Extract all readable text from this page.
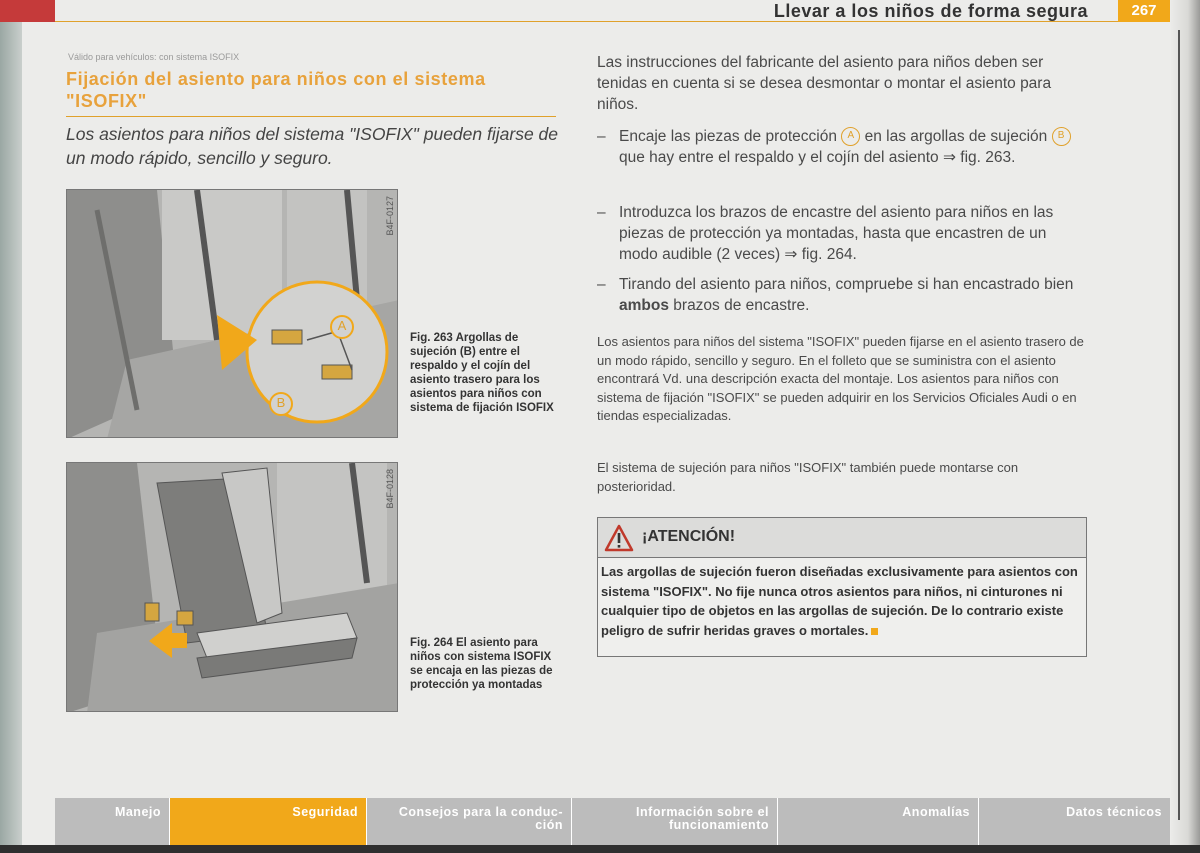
Llevar a los niños de forma segura	267
Válido para vehículos: con sistema ISOFIX
Fijación del asiento para niños con el sistema "ISOFIX"
Los asientos para niños del sistema "ISOFIX" pueden fijarse de un modo rápido, sencillo y seguro.
A
B
B4F-0127
Fig. 263 Argollas de sujeción (B) entre el respaldo y el cojín del asiento trasero para los asientos para niños con sistema de fijación ISOFIX
B4F-0128
Fig. 264 El asiento para niños con sistema ISOFIX se encaja en las piezas de protección ya montadas
Las instrucciones del fabricante del asiento para niños deben ser tenidas en cuenta si se desea desmontar o montar el asiento para niños.
– Encaje las piezas de protección A en las argollas de sujeción B que hay entre el respaldo y el cojín del asiento ⇒ fig. 263.
– Introduzca los brazos de encastre del asiento para niños en las piezas de protección ya montadas, hasta que encastren de un modo audible (2 veces) ⇒ fig. 264.
– Tirando del asiento para niños, compruebe si han encastrado bien ambos brazos de encastre.
Los asientos para niños del sistema "ISOFIX" pueden fijarse en el asiento trasero de un modo rápido, sencillo y seguro. En el folleto que se suministra con el asiento encontrará Vd. una descripción exacta del montaje. Los asientos para niños con sistema de fijación "ISOFIX" se pueden adquirir en los Servicios Oficiales Audi o en tiendas especializadas.
El sistema de sujeción para niños "ISOFIX" también puede montarse con posterioridad.
¡ATENCIÓN!
Las argollas de sujeción fueron diseñadas exclusivamente para asientos con sistema "ISOFIX". No fije nunca otros asientos para niños, ni cinturones ni cualquier tipo de objetos en las argollas de sujeción. De lo contrario existe peligro de sufrir heridas graves o mortales.
Manejo	Seguridad	Consejos para la conduc-
ción
Información sobre el
funcionamiento
Anomalías	Datos técnicos
